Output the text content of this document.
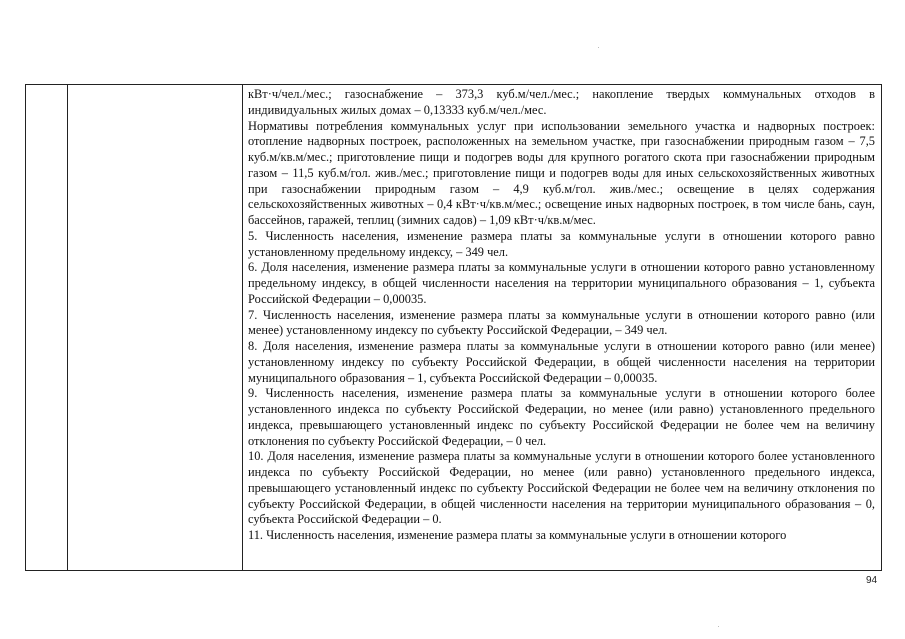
кВт·ч/чел./мес.; газоснабжение – 373,3 куб.м/чел./мес.; накопление твердых коммунальных отходов в индивидуальных жилых домах – 0,13333 куб.м/чел./мес.

Нормативы потребления коммунальных услуг при использовании земельного участка и надворных построек: отопление надворных построек, расположенных на земельном участке, при газоснабжении природным газом – 7,5 куб.м/кв.м/мес.; приготовление пищи и подогрев воды для крупного рогатого скота при газоснабжении природным газом – 11,5 куб.м/гол. жив./мес.; приготовление пищи и подогрев воды для иных сельскохозяйственных животных при газоснабжении природным газом – 4,9 куб.м/гол. жив./мес.; освещение в целях содержания сельскохозяйственных животных – 0,4 кВт·ч/кв.м/мес.; освещение иных надворных построек, в том числе бань, саун, бассейнов, гаражей, теплиц (зимних садов) – 1,09 кВт·ч/кв.м/мес.

5. Численность населения, изменение размера платы за коммунальные услуги в отношении которого равно установленному предельному индексу, – 349 чел.

6. Доля населения, изменение размера платы за коммунальные услуги в отношении которого равно установленному предельному индексу, в общей численности населения на территории муниципального образования – 1, субъекта Российской Федерации – 0,00035.

7. Численность населения, изменение размера платы за коммунальные услуги в отношении которого равно (или менее) установленному индексу по субъекту Российской Федерации, – 349 чел.

8. Доля населения, изменение размера платы за коммунальные услуги в отношении которого равно (или менее) установленному индексу по субъекту Российской Федерации, в общей численности населения на территории муниципального образования – 1, субъекта Российской Федерации – 0,00035.

9. Численность населения, изменение размера платы за коммунальные услуги в отношении которого более установленного индекса по субъекту Российской Федерации, но менее (или равно) установленного предельного индекса, превышающего установленный индекс по субъекту Российской Федерации не более чем на величину отклонения по субъекту Российской Федерации, – 0 чел.

10. Доля населения, изменение размера платы за коммунальные услуги в отношении которого более установленного индекса по субъекту Российской Федерации, но менее (или равно) установленного предельного индекса, превышающего установленный индекс по субъекту Российской Федерации не более чем на величину отклонения по субъекту Российской Федерации, в общей численности населения на территории муниципального образования – 0, субъекта Российской Федерации – 0.

11. Численность населения, изменение размера платы за коммунальные услуги в отношении которого

94
